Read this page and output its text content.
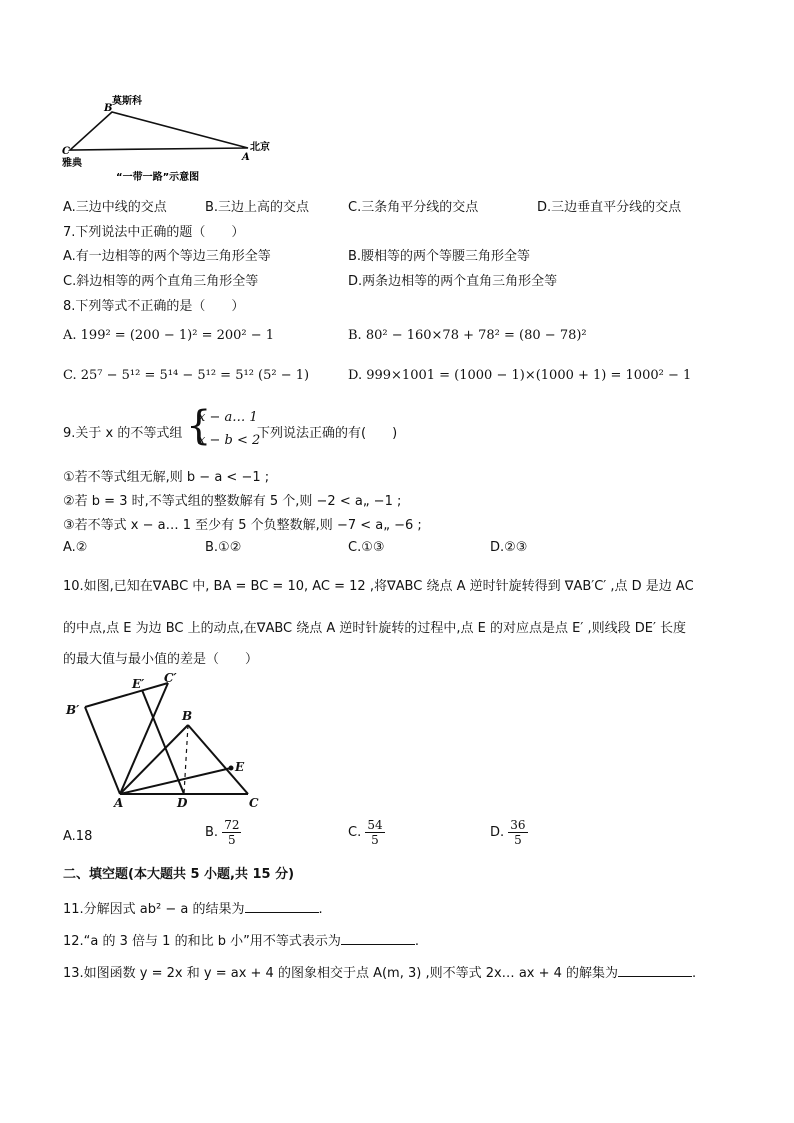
B
莫斯科
C
雅典
A
北京
“一带一路”示意图
A.三边中线的交点	B.三边上高的交点	C.三条角平分线的交点	D.三边垂直平分线的交点
7.下列说法中正确的题（　　）
A.有一边相等的两个等边三角形全等	B.腰相等的两个等腰三角形全等
C.斜边相等的两个直角三角形全等	D.两条边相等的两个直角三角形全等
8.下列等式不正确的是（　　）
A. 199² = (200 − 1)² = 200² − 1	B. 80² − 160×78 + 78² = (80 − 78)²
C. 25⁷ − 5¹² = 5¹⁴ − 5¹² = 5¹² (5² − 1)	D. 999×1001 = (1000 − 1)×(1000 + 1) = 1000² − 1
9.关于 x 的不等式组 {
x − a… 1
x − b < 2
下列说法正确的有(　　)
①若不等式组无解,则 b − a < −1 ;
②若 b = 3 时,不等式组的整数解有 5 个,则 −2 < a„ −1 ;
③若不等式 x − a… 1 至少有 5 个负整数解,则 −7 < a„ −6 ;
A.②	B.①②	C.①③	D.②③
10.如图,已知在∇ABC 中, BA = BC = 10, AC = 12 ,将∇ABC 绕点 A 逆时针旋转得到 ∇AB′C′ ,点 D 是边 AC
的中点,点 E 为边 BC 上的动点,在∇ABC 绕点 A 逆时针旋转的过程中,点 E 的对应点是点 E′ ,则线段 DE′ 长度
的最大值与最小值的差是（　　）
E′ C′
B′	B
E
A	D	C
A.18	B. $\frac{72}{5}$	C. $\frac{54}{5}$	D. $\frac{36}{5}$
二、填空题(本大题共 5 小题,共 15 分)
11.分解因式 ab² − a 的结果为	.
12.“a 的 3 倍与 1 的和比 b 小”用不等式表示为	.
13.如图函数 y = 2x 和 y = ax + 4 的图象相交于点 A(m, 3) ,则不等式 2x… ax + 4 的解集为	.
